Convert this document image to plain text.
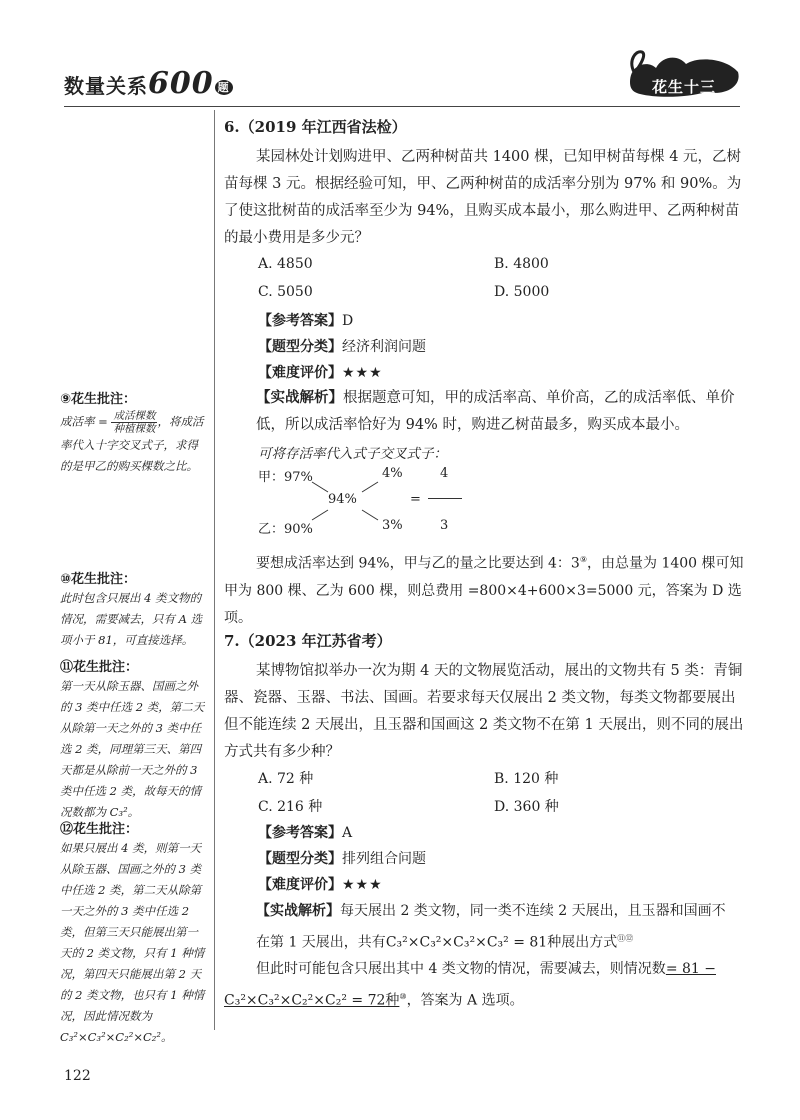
数量关系600 题	花生十三
6.（2019 年江西省法检）
某园林处计划购进甲、乙两种树苗共 1400 棵，已知甲树苗每棵 4 元，乙树苗每棵 3 元。根据经验可知，甲、乙两种树苗的成活率分别为 97% 和 90%。为了使这批树苗的成活率至少为 94%，且购买成本最小，那么购进甲、乙两种树苗的最小费用是多少元？
A. 4850	B. 4800
C. 5050	D. 5000
【参考答案】D
【题型分类】经济利润问题
【难度评价】★★★
【实战解析】根据题意可知，甲的成活率高、单价高，乙的成活率低、单价低，所以成活率恰好为 94% 时，购进乙树苗最多，购买成本最小。
可将存活率代入式子交叉式子：
甲：97%
乙：90%
94%
4%
3%
=
4
3
要想成活率达到 94%，甲与乙的量之比要达到 4：3⑨，由总量为 1400 棵可知甲为 800 棵、乙为 600 棵，则总费用 =800×4+600×3=5000 元，答案为 D 选项。
7.（2023 年江苏省考）
某博物馆拟举办一次为期 4 天的文物展览活动，展出的文物共有 5 类：青铜器、瓷器、玉器、书法、国画。若要求每天仅展出 2 类文物，每类文物都要展出但不能连续 2 天展出，且玉器和国画这 2 类文物不在第 1 天展出，则不同的展出方式共有多少种？
A. 72 种	B. 120 种
C. 216 种	D. 360 种
【参考答案】A
【题型分类】排列组合问题
【难度评价】★★★
【实战解析】每天展出 2 类文物，同一类不连续 2 天展出，且玉器和国画不在第 1 天展出，共有C₃²×C₃²×C₃²×C₃² = 81种展出方式⑪⑫
但此时可能包含只展出其中 4 类文物的情况，需要减去，则情况数= 81 − C₃²×C₃²×C₂²×C₂² = 72种⑩，答案为 A 选项。
⑨花生批注：
成活率 = $\frac{\text{成活棵数}}{\text{种植棵数}}$，将成活率代入十字交叉式子，求得的是甲乙的购买棵数之比。
⑩花生批注：
此时包含只展出 4 类文物的情况，需要减去，只有 A 选项小于 81，可直接选择。
⑪花生批注：
第一天从除玉器、国画之外的 3 类中任选 2 类，第二天从除第一天之外的 3 类中任选 2 类，同理第三天、第四天都是从除前一天之外的 3 类中任选 2 类，故每天的情况数都为 C₃²。
⑫花生批注：
如果只展出 4 类，则第一天从除玉器、国画之外的 3 类中任选 2 类，第二天从除第一天之外的 3 类中任选 2 类，但第三天只能展出第一天的 2 类文物，只有 1 种情况，第四天只能展出第 2 天的 2 类文物，也只有 1 种情况，因此情况数为 C₃²×C₃²×C₂²×C₂²。
122
